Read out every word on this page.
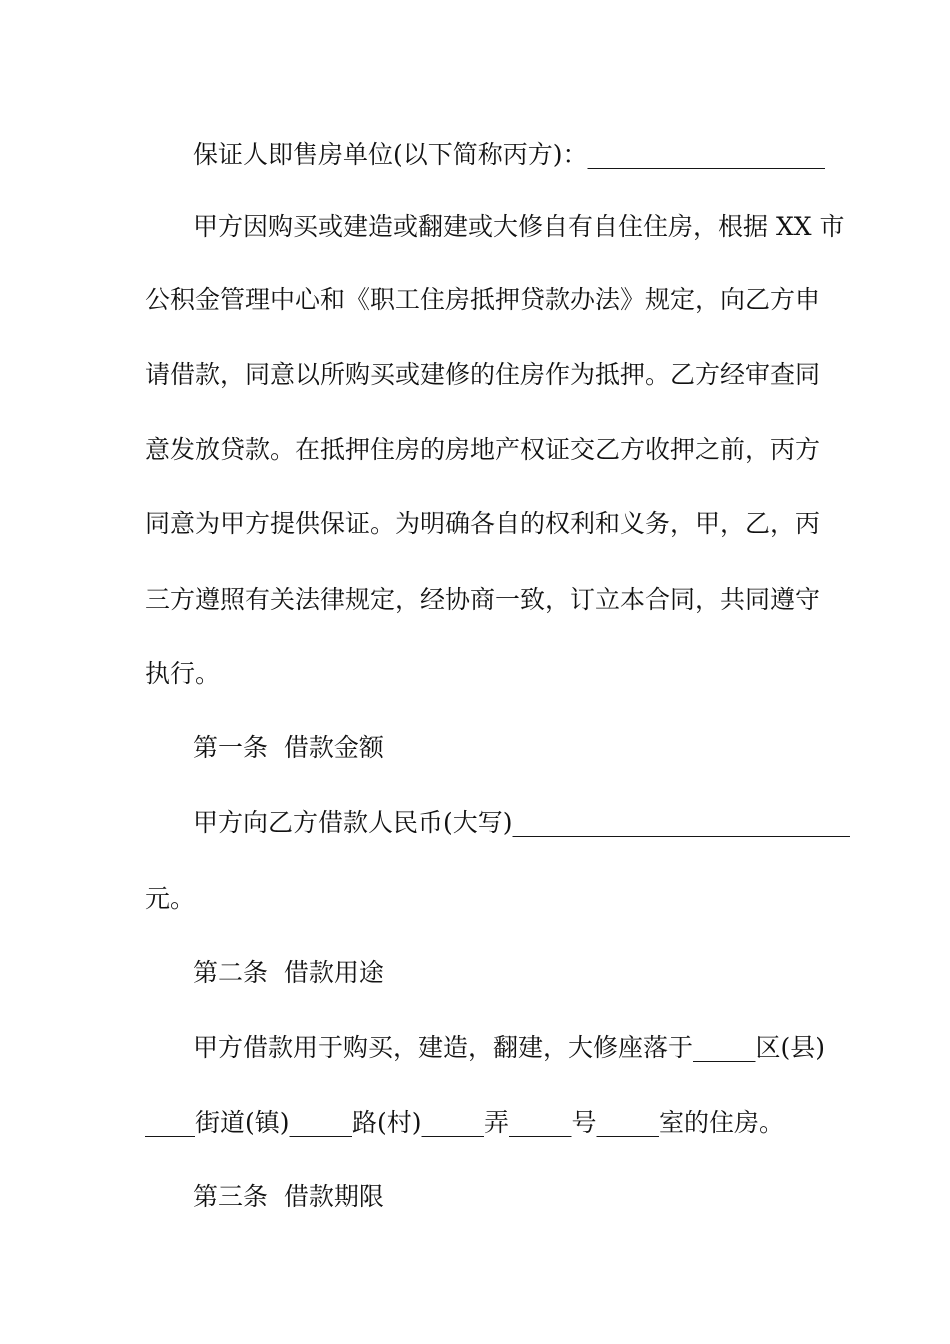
保证人即售房单位(以下简称丙方)：___________________

甲方因购买或建造或翻建或大修自有自住住房，根据 XX 市

公积金管理中心和《职工住房抵押贷款办法》规定，向乙方申

请借款，同意以所购买或建修的住房作为抵押。乙方经审查同

意发放贷款。在抵押住房的房地产权证交乙方收押之前，丙方

同意为甲方提供保证。为明确各自的权利和义务，甲，乙，丙

三方遵照有关法律规定，经协商一致，订立本合同，共同遵守

执行。

第一条  借款金额

甲方向乙方借款人民币(大写)___________________________

元。

第二条  借款用途

甲方借款用于购买，建造，翻建，大修座落于_____区(县)

____街道(镇)_____路(村)_____弄_____号_____室的住房。

第三条  借款期限
